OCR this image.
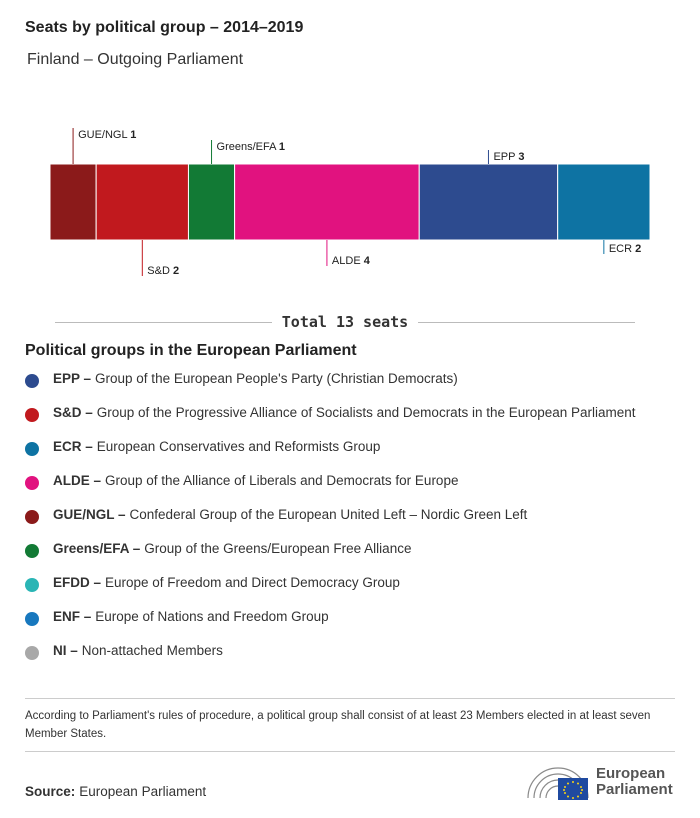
Seats by political group – 2014–2019
Finland – Outgoing Parliament
GUE/NGL 1
S&D 2
Greens/EFA 1
ALDE 4
EPP 3
ECR 2
Total 13 seats
Political groups in the European Parliament
EPP – Group of the European People's Party (Christian Democrats)
S&D – Group of the Progressive Alliance of Socialists and Democrats in the European Parliament
ECR – European Conservatives and Reformists Group
ALDE – Group of the Alliance of Liberals and Democrats for Europe
GUE/NGL – Confederal Group of the European United Left – Nordic Green Left
Greens/EFA – Group of the Greens/European Free Alliance
EFDD – Europe of Freedom and Direct Democracy Group
ENF – Europe of Nations and Freedom Group
NI – Non-attached Members
According to Parliament's rules of procedure, a political group shall consist of at least 23 Members elected in at least seven Member States.
Source: European Parliament
European
Parliament
